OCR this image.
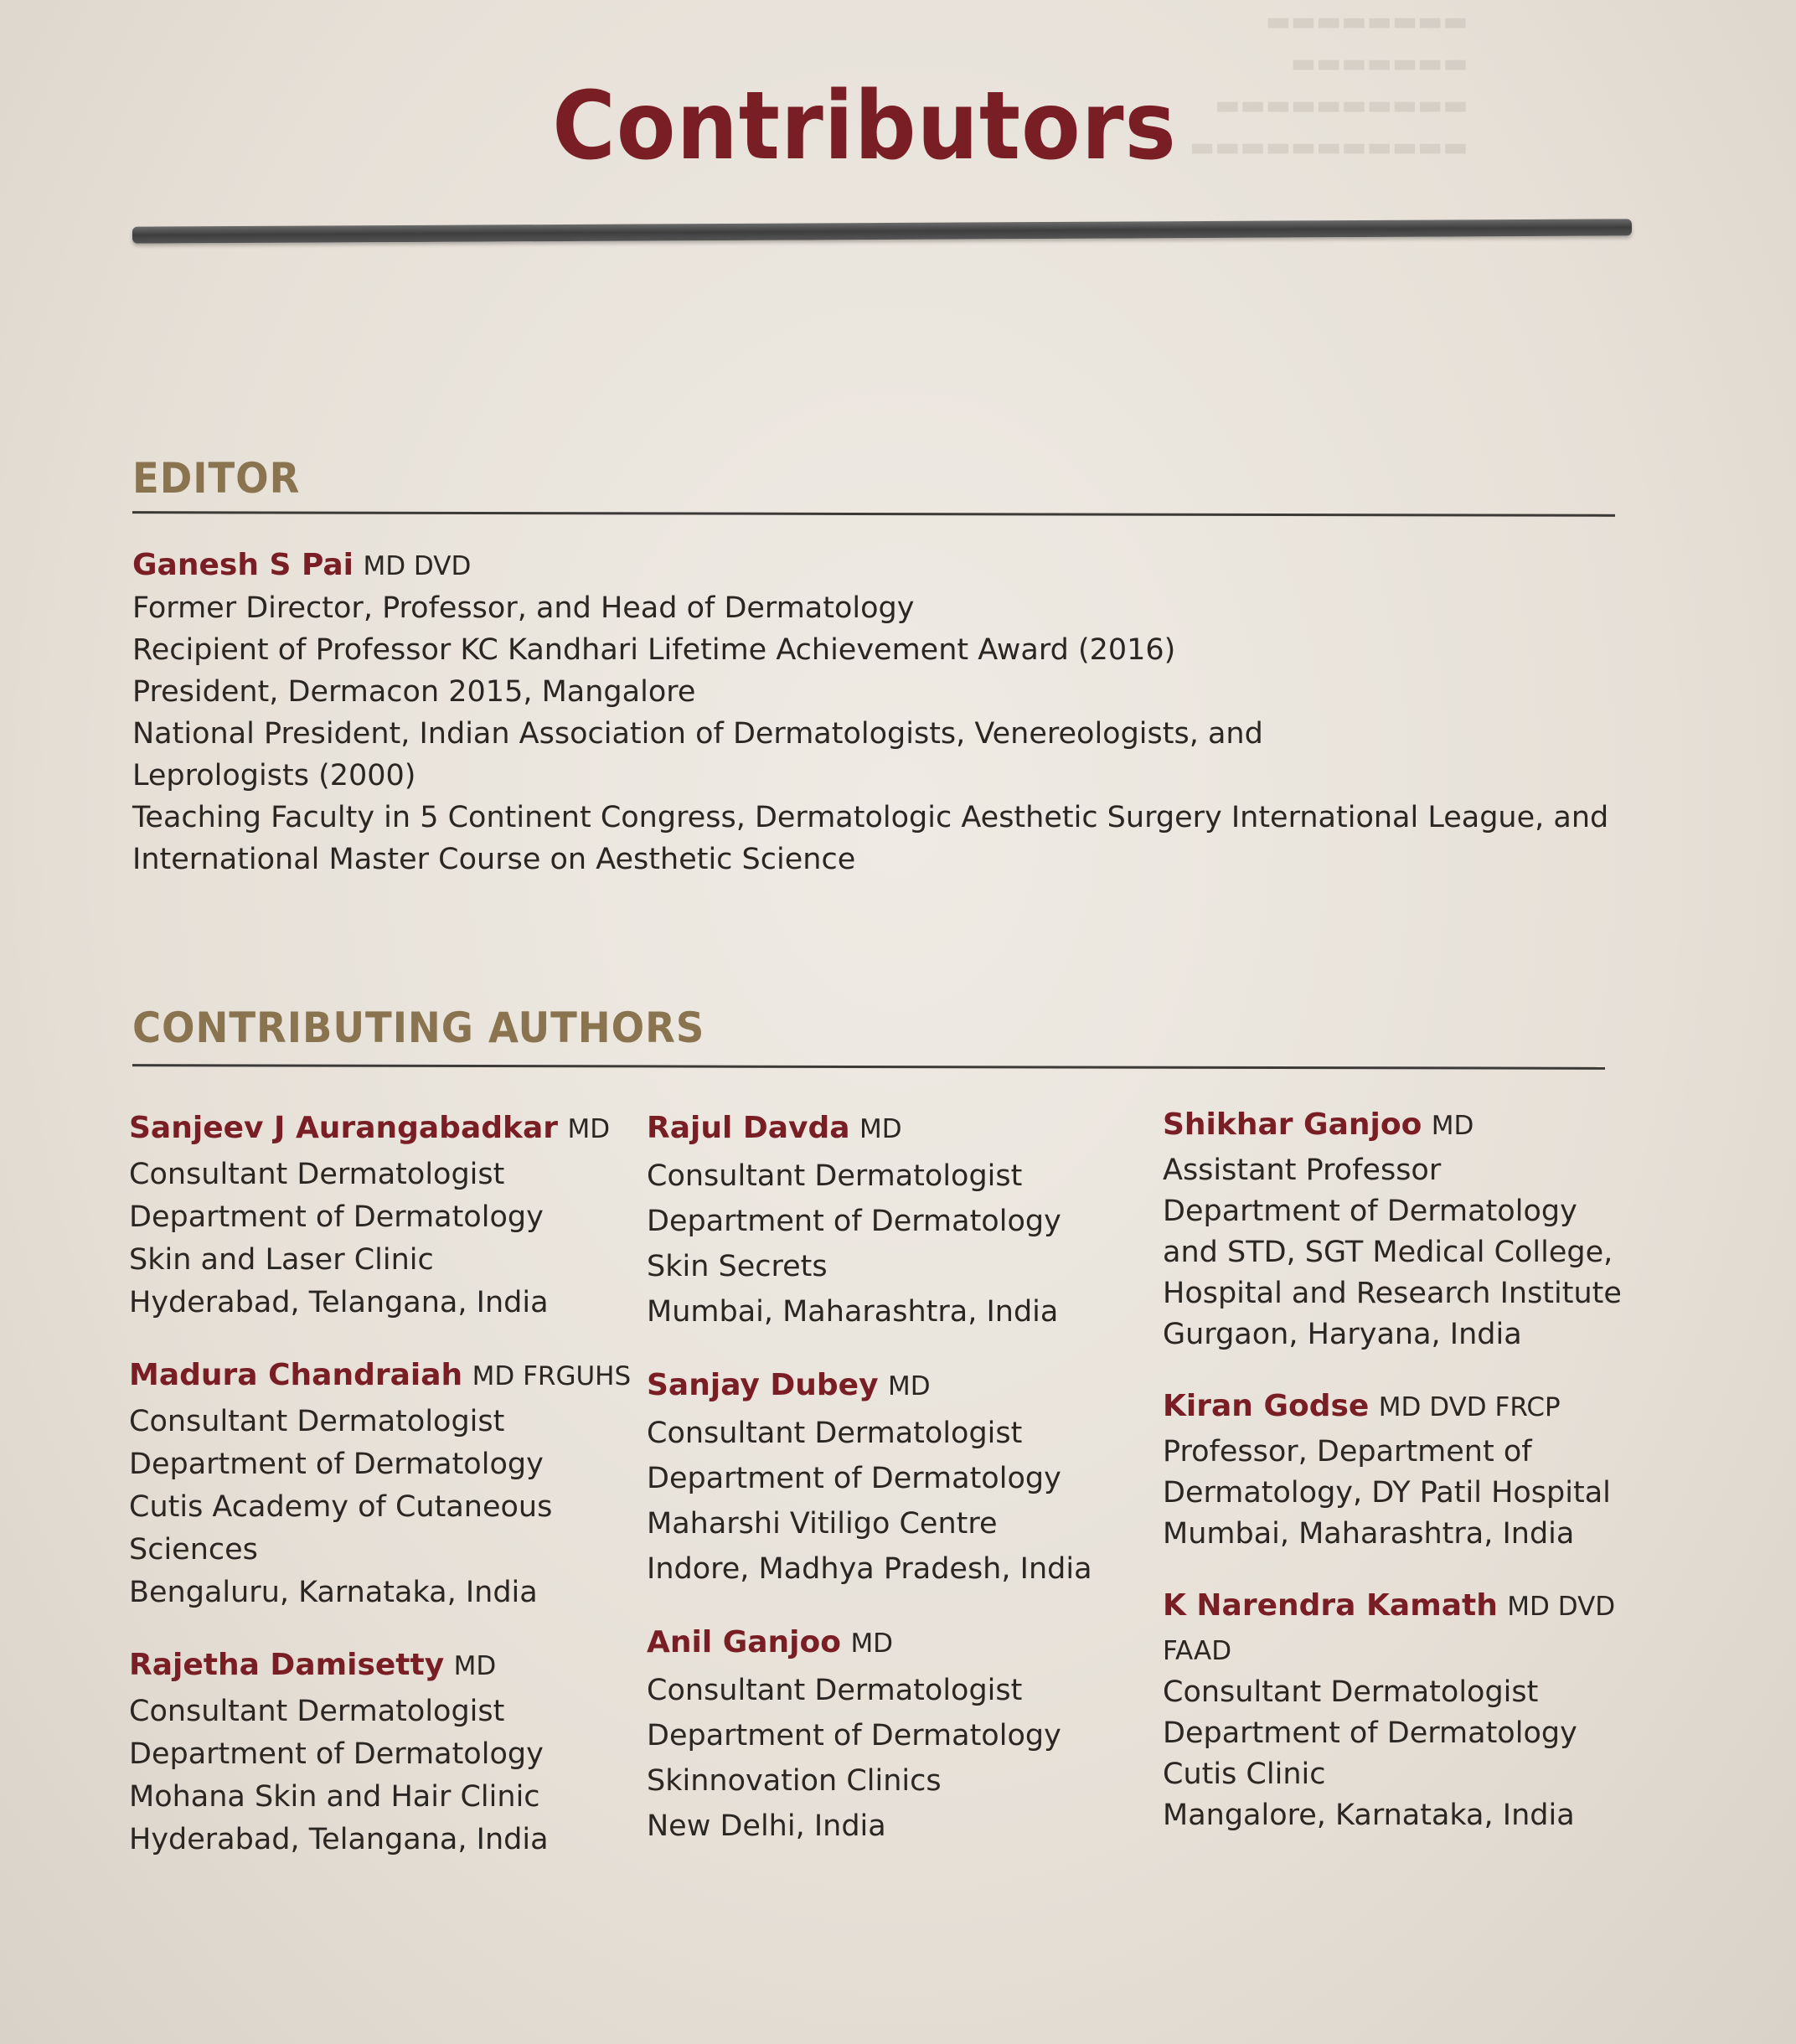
▬▬▬▬▬▬▬▬
▬▬▬▬▬▬▬
▬▬▬▬▬▬▬▬▬▬
▬▬▬▬▬▬▬▬▬▬▬
Contributors
EDITOR
Ganesh S Pai MD DVD
Former Director, Professor, and Head of Dermatology
Recipient of Professor KC Kandhari Lifetime Achievement Award (2016)
President, Dermacon 2015, Mangalore
National President, Indian Association of Dermatologists, Venereologists, and
Leprologists (2000)
Teaching Faculty in 5 Continent Congress, Dermatologic Aesthetic Surgery International League, and
International Master Course on Aesthetic Science
CONTRIBUTING AUTHORS
Sanjeev J Aurangabadkar MD
Consultant Dermatologist
Department of Dermatology
Skin and Laser Clinic
Hyderabad, Telangana, India
Madura Chandraiah MD FRGUHS
Consultant Dermatologist
Department of Dermatology
Cutis Academy of Cutaneous
Sciences
Bengaluru, Karnataka, India
Rajetha Damisetty MD
Consultant Dermatologist
Department of Dermatology
Mohana Skin and Hair Clinic
Hyderabad, Telangana, India
Rajul Davda MD
Consultant Dermatologist
Department of Dermatology
Skin Secrets
Mumbai, Maharashtra, India
Sanjay Dubey MD
Consultant Dermatologist
Department of Dermatology
Maharshi Vitiligo Centre
Indore, Madhya Pradesh, India
Anil Ganjoo MD
Consultant Dermatologist
Department of Dermatology
Skinnovation Clinics
New Delhi, India
Shikhar Ganjoo MD
Assistant Professor
Department of Dermatology
and STD, SGT Medical College,
Hospital and Research Institute
Gurgaon, Haryana, India
Kiran Godse MD DVD FRCP
Professor, Department of
Dermatology, DY Patil Hospital
Mumbai, Maharashtra, India
K Narendra Kamath MD DVD
FAAD
Consultant Dermatologist
Department of Dermatology
Cutis Clinic
Mangalore, Karnataka, India
